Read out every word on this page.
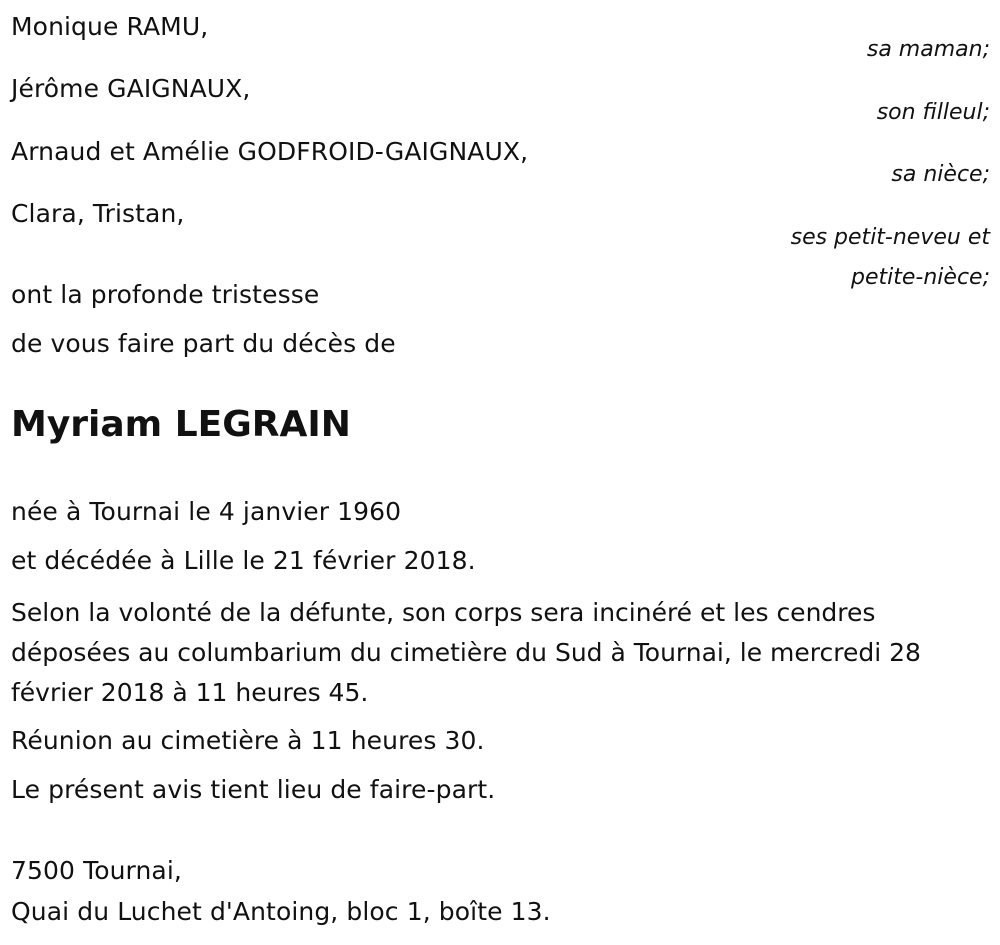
Monique RAMU,
sa maman;
Jérôme GAIGNAUX,
son filleul;
Arnaud et Amélie GODFROID-GAIGNAUX,
sa nièce;
Clara, Tristan,
ses petit-neveu et
petite-nièce;
ont la profonde tristesse
de vous faire part du décès de
Myriam LEGRAIN
née à Tournai le 4 janvier 1960
et décédée à Lille le 21 février 2018.
Selon la volonté de la défunte, son corps sera incinéré et les cendres déposées au columbarium du cimetière du Sud à Tournai, le mercredi 28 février 2018 à 11 heures 45.
Réunion au cimetière à 11 heures 30.
Le présent avis tient lieu de faire-part.
7500 Tournai,
Quai du Luchet d'Antoing, bloc 1, boîte 13.
